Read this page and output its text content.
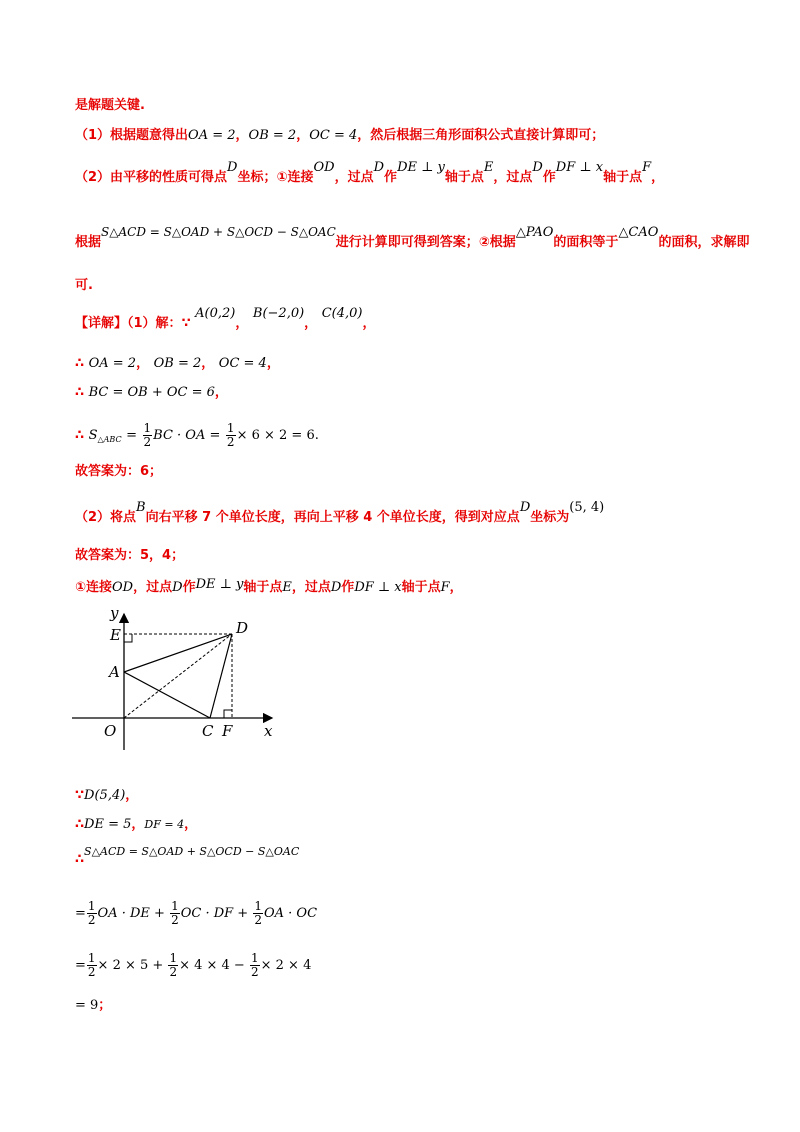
是解题关键.
（1）根据题意得出OA = 2，OB = 2，OC = 4，然后根据三角形面积公式直接计算即可；
（2）由平移的性质可得点D坐标；①连接OD，过点D作DE ⊥ y轴于点E，过点D作DF ⊥ x轴于点F，
根据S△ACD = S△OAD + S△OCD − S△OAC进行计算即可得到答案；②根据△PAO的面积等于△CAO的面积，求解即
可.
【详解】（1）解：∵ A(0,2)， B(−2,0)， C(4,0)，
∴ OA = 2， OB = 2， OC = 4，
∴ BC = OB + OC = 6，
∴ $S_{\triangle ABC} = \frac{1}{2}$ BC · OA = $\frac{1}{2} \times 6 \times 2 = 6$.
故答案为：6；
（2）将点B向右平移 7 个单位长度，再向上平移 4 个单位长度，得到对应点D坐标为(5, 4)
故答案为：5，4；
①连接OD，过点D作DE ⊥ y轴于点E，过点D作DF ⊥ x轴于点F，
y
x
E	D
A
O	C F
∵D(5,4)，
∴DE = 5，DF = 4，
∴S△ACD = S△OAD + S△OCD − S△OAC
= $\frac{1}{2}$ OA · DE + $\frac{1}{2}$ OC · DF + $\frac{1}{2}$ OA · OC
= $\frac{1}{2} \times 2 \times 5 + \frac{1}{2} \times 4 \times 4 - \frac{1}{2} \times 2 \times 4$
= 9；
